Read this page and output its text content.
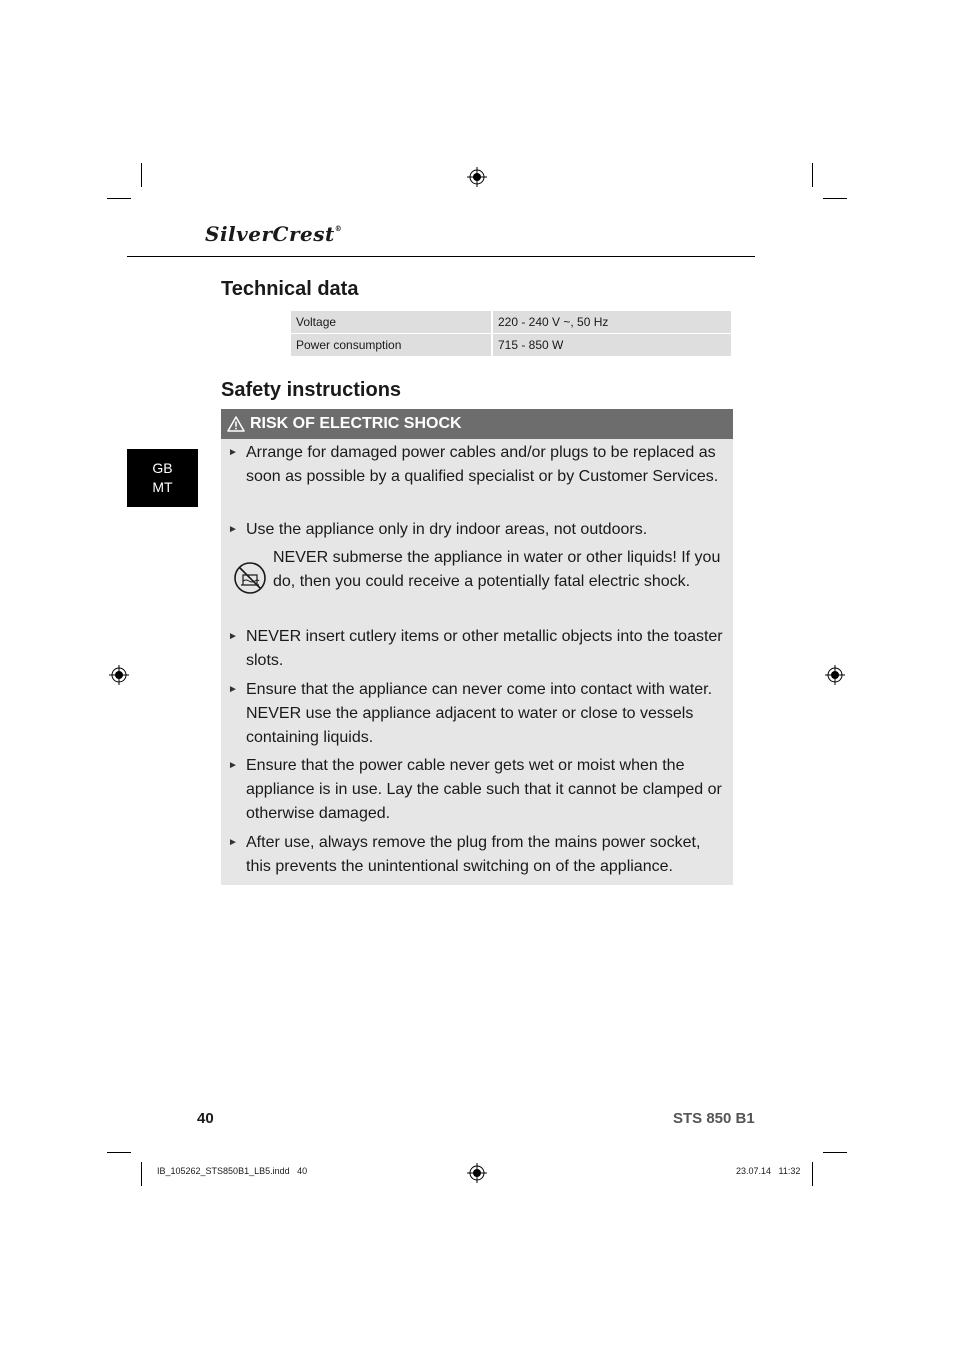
SilverCrest®
Technical data
Voltage	220 - 240 V ~, 50 Hz
Power consumption	715 - 850 W
Safety instructions
GB
MT
RISK OF ELECTRIC SHOCK
► Arrange for damaged power cables and/or plugs to be replaced as soon as possible by a qualified specialist or by Customer Services.
► Use the appliance only in dry indoor areas, not outdoors.
NEVER submerse the appliance in water or other liquids! If you do, then you could receive a potentially fatal electric shock.
► NEVER insert cutlery items or other metallic objects into the toaster slots.
► Ensure that the appliance can never come into contact with water. NEVER use the appliance adjacent to water or close to vessels containing liquids.
► Ensure that the power cable never gets wet or moist when the appliance is in use. Lay the cable such that it cannot be clamped or otherwise damaged.
► After use, always remove the plug from the mains power socket, this prevents the unintentional switching on of the appliance.
40	STS 850 B1
IB_105262_STS850B1_LB5.indd   40	23.07.14   11:32
